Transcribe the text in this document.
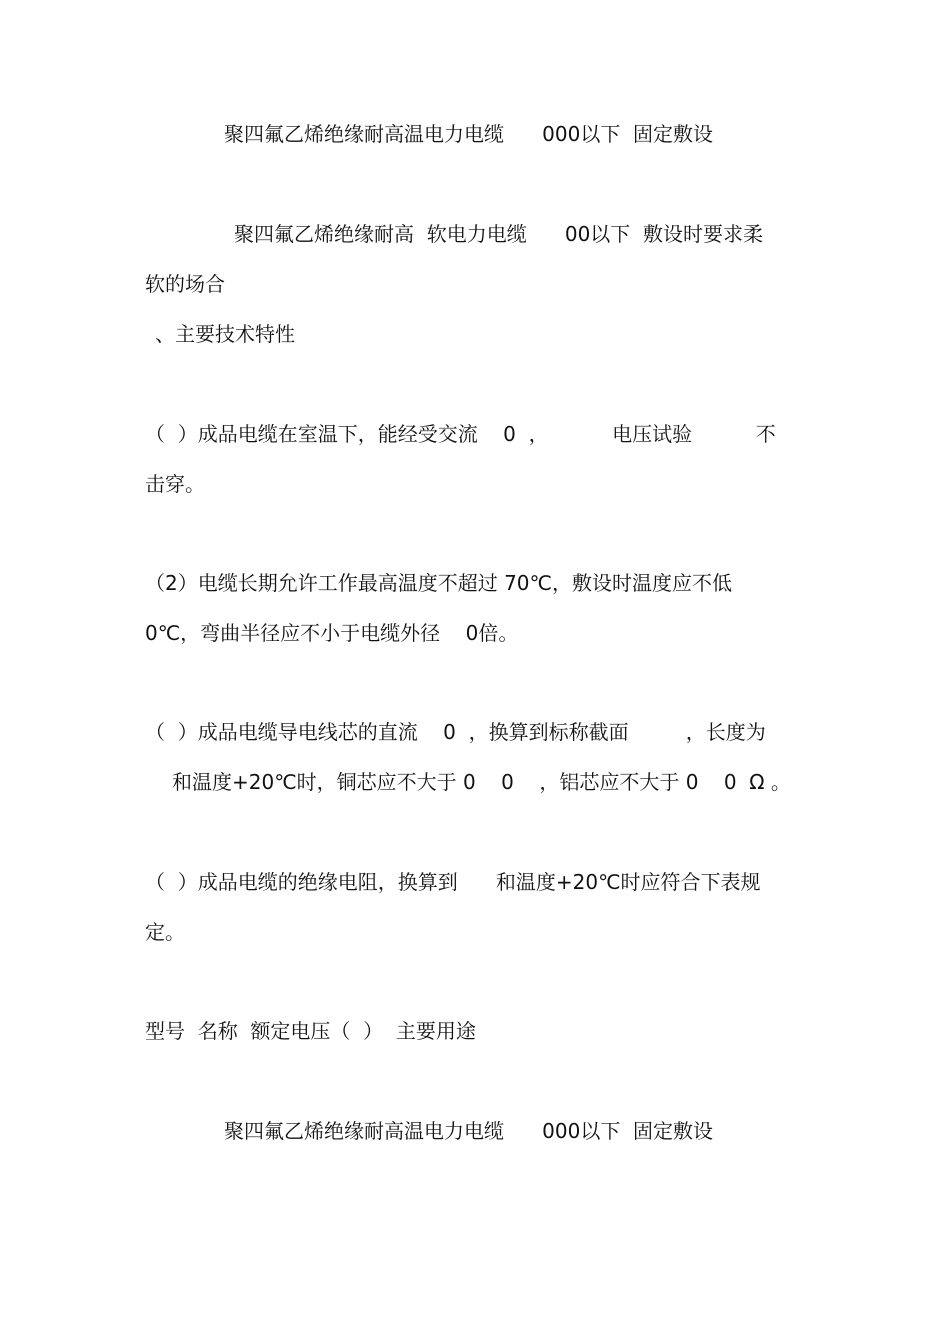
聚四氟乙烯绝缘耐高温电力电缆      000以下  固定敷设
聚四氟乙烯绝缘耐高  软电力电缆      00以下  敷设时要求柔
软的场合
、主要技术特性
（  ）成品电缆在室温下，能经受交流    0  ，          电压试验          不
击穿。
（2）电缆长期允许工作最高温度不超过 70℃，敷设时温度应不低
0℃，弯曲半径应不小于电缆外径    0倍。
（  ）成品电缆导电线芯的直流    0  ，换算到标称截面         ，长度为
和温度+20℃时，铜芯应不大于 0    0    ，铝芯应不大于 0    0  Ω 。
（  ）成品电缆的绝缘电阻，换算到      和温度+20℃时应符合下表规
定。
型号  名称  额定电压（  ）  主要用途
聚四氟乙烯绝缘耐高温电力电缆      000以下  固定敷设
